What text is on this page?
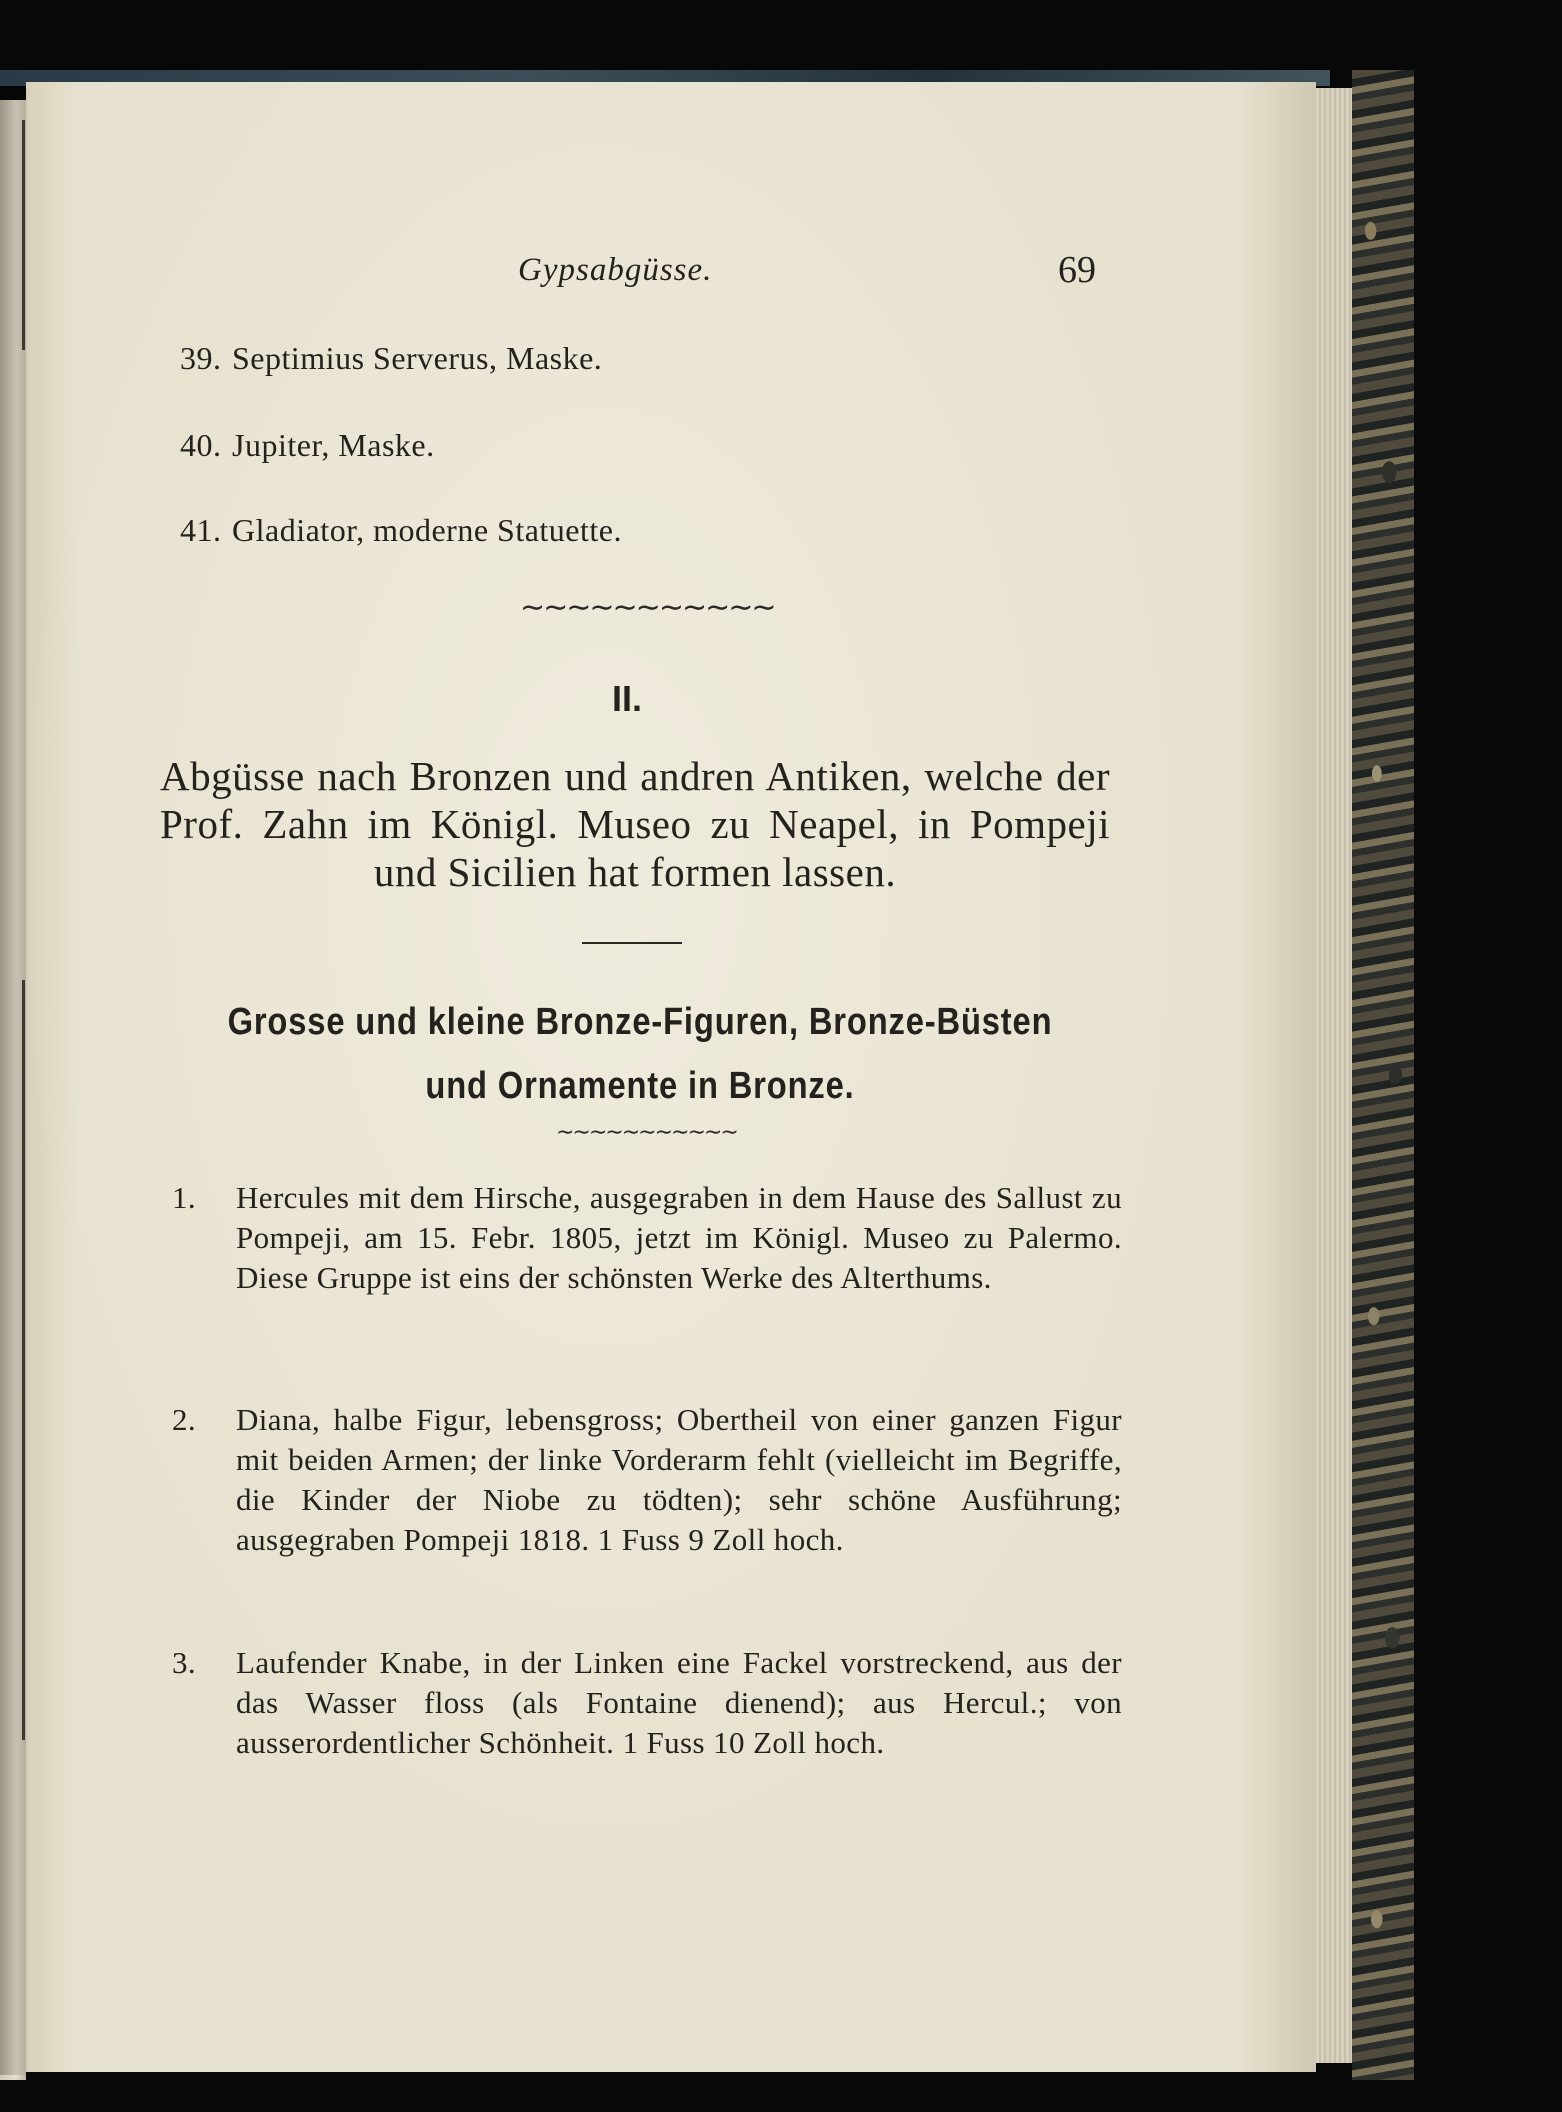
Gypsabgüsse.	69
39. Septimius Serverus, Maske.
40. Jupiter, Maske.
41. Gladiator, moderne Statuette.
∼∼∼∼∼∼∼∼∼∼∼
II.
Abgüsse nach Bronzen und andren Antiken, welche der Prof. Zahn im Königl. Museo zu Neapel, in Pompeji und Sicilien hat formen lassen.
Grosse und kleine Bronze-Figuren, Bronze-Büsten
und Ornamente in Bronze.
∼∼∼∼∼∼∼∼∼∼∼
1.	Hercules mit dem Hirsche, ausgegraben in dem Hause des Sallust zu Pompeji, am 15. Febr. 1805, jetzt im Königl. Museo zu Palermo. Diese Gruppe ist eins der schönsten Werke des Alterthums.
2.	Diana, halbe Figur, lebensgross; Obertheil von einer ganzen Figur mit beiden Armen; der linke Vorderarm fehlt (vielleicht im Begriffe, die Kinder der Niobe zu tödten); sehr schöne Ausführung; ausgegraben Pompeji 1818. 1 Fuss 9 Zoll hoch.
3.	Laufender Knabe, in der Linken eine Fackel vorstreckend, aus der das Wasser floss (als Fontaine dienend); aus Hercul.; von ausserordentlicher Schönheit. 1 Fuss 10 Zoll hoch.
